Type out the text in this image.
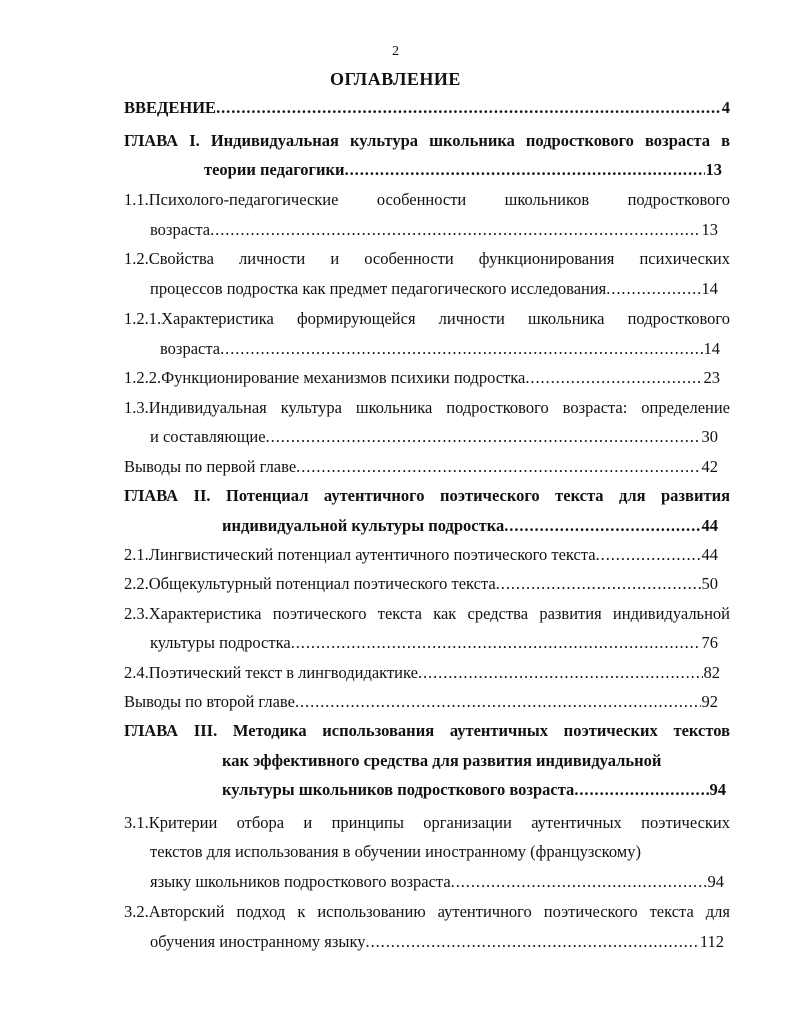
2
ОГЛАВЛЕНИЕ
ВВЕДЕНИЕ . . .	4
ГЛАВА I. Индивидуальная культура школьника подросткового возраста в
теории педагогики . . .	13
1.1.Психолого-педагогические особенности школьников подросткового
возраста . . .	13
1.2.Свойства личности и особенности функционирования психических
процессов подростка как предмет педагогического исследования . . .	14
1.2.1.Характеристика формирующейся личности школьника подросткового
возраста . . .	14
1.2.2.Функционирование механизмов психики подростка . . .	23
1.3.Индивидуальная культура школьника подросткового возраста: определение
и составляющие . . .	30
Выводы по первой главе . . .	42
ГЛАВА II. Потенциал аутентичного поэтического текста для развития
индивидуальной культуры подростка . . .	44
2.1.Лингвистический потенциал аутентичного поэтического текста . . .	44
2.2.Общекультурный потенциал поэтического текста . . .	50
2.3.Характеристика поэтического текста как средства развития индивидуальной
культуры подростка . . .	76
2.4.Поэтический текст в лингводидактике . . .	82
Выводы по второй главе . . .	92
ГЛАВА III. Методика использования аутентичных поэтических текстов
как эффективного средства для развития индивидуальной
культуры школьников подросткового возраста . . .	94
3.1.Критерии отбора и принципы организации аутентичных поэтических
текстов для использования в обучении иностранному (французскому)
языку школьников подросткового возраста . . .	94
3.2.Авторский подход к использованию аутентичного поэтического текста для
обучения иностранному языку . . .	112
